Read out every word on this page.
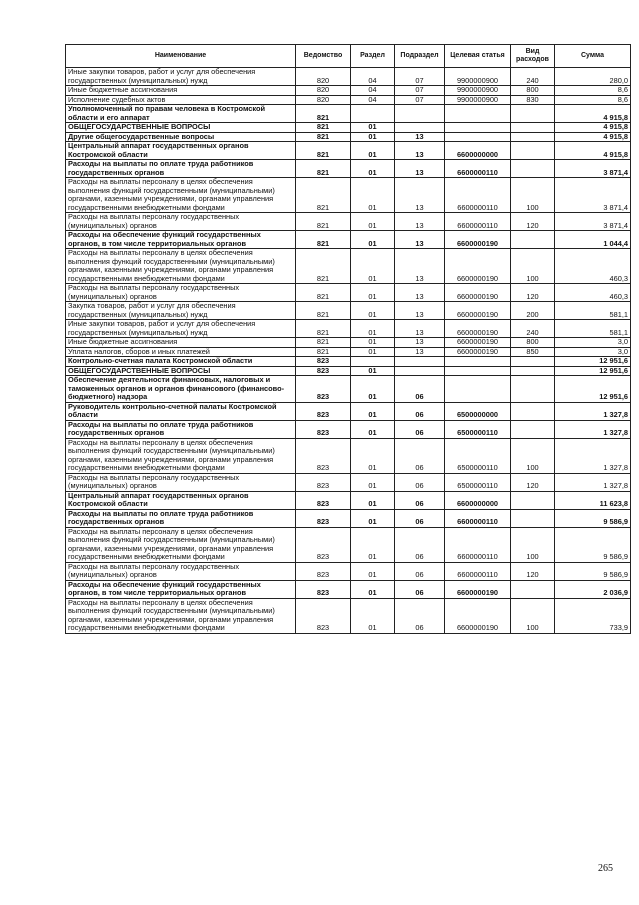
Наименование	Ведомство	Раздел	Подраздел	Целевая статья	Вид расходов	Сумма
Иные закупки товаров, работ и услуг для обеспечения государственных (муниципальных) нужд	820	04	07	9900000900	240	280,0
Иные бюджетные ассигнования	820	04	07	9900000900	800	8,6
Исполнение судебных актов	820	04	07	9900000900	830	8,6
Уполномоченный по правам человека в Костромской области и его аппарат	821					4 915,8
ОБЩЕГОСУДАРСТВЕННЫЕ ВОПРОСЫ	821	01				4 915,8
Другие общегосударственные вопросы	821	01	13			4 915,8
Центральный аппарат государственных органов Костромской области	821	01	13	6600000000		4 915,8
Расходы на выплаты по оплате труда работников государственных органов	821	01	13	6600000110		3 871,4
Расходы на выплаты персоналу в целях обеспечения выполнения функций государственными (муниципальными) органами, казенными учреждениями, органами управления государственными внебюджетными фондами	821	01	13	6600000110	100	3 871,4
Расходы на выплаты персоналу государственных (муниципальных) органов	821	01	13	6600000110	120	3 871,4
Расходы на обеспечение функций государственных органов, в том числе территориальных органов	821	01	13	6600000190		1 044,4
Расходы на выплаты персоналу в целях обеспечения выполнения функций государственными (муниципальными) органами, казенными учреждениями, органами управления государственными внебюджетными фондами	821	01	13	6600000190	100	460,3
Расходы на выплаты персоналу государственных (муниципальных) органов	821	01	13	6600000190	120	460,3
Закупка товаров, работ и услуг для обеспечения государственных (муниципальных) нужд	821	01	13	6600000190	200	581,1
Иные закупки товаров, работ и услуг для обеспечения государственных (муниципальных) нужд	821	01	13	6600000190	240	581,1
Иные бюджетные ассигнования	821	01	13	6600000190	800	3,0
Уплата налогов, сборов и иных платежей	821	01	13	6600000190	850	3,0
Контрольно-счетная палата Костромской области	823					12 951,6
ОБЩЕГОСУДАРСТВЕННЫЕ ВОПРОСЫ	823	01				12 951,6
Обеспечение деятельности финансовых, налоговых и таможенных органов и органов финансового (финансово-бюджетного) надзора	823	01	06			12 951,6
Руководитель контрольно-счетной палаты Костромской области	823	01	06	6500000000		1 327,8
Расходы на выплаты по оплате труда работников государственных органов	823	01	06	6500000110		1 327,8
Расходы на выплаты персоналу в целях обеспечения выполнения функций государственными (муниципальными) органами, казенными учреждениями, органами управления государственными внебюджетными фондами	823	01	06	6500000110	100	1 327,8
Расходы на выплаты персоналу государственных (муниципальных) органов	823	01	06	6500000110	120	1 327,8
Центральный аппарат государственных органов Костромской области	823	01	06	6600000000		11 623,8
Расходы на выплаты по оплате труда работников государственных органов	823	01	06	6600000110		9 586,9
Расходы на выплаты персоналу в целях обеспечения выполнения функций государственными (муниципальными) органами, казенными учреждениями, органами управления государственными внебюджетными фондами	823	01	06	6600000110	100	9 586,9
Расходы на выплаты персоналу государственных (муниципальных) органов	823	01	06	6600000110	120	9 586,9
Расходы на обеспечение функций государственных органов, в том числе территориальных органов	823	01	06	6600000190		2 036,9
Расходы на выплаты персоналу в целях обеспечения выполнения функций государственными (муниципальными) органами, казенными учреждениями, органами управления государственными внебюджетными фондами	823	01	06	6600000190	100	733,9
265
